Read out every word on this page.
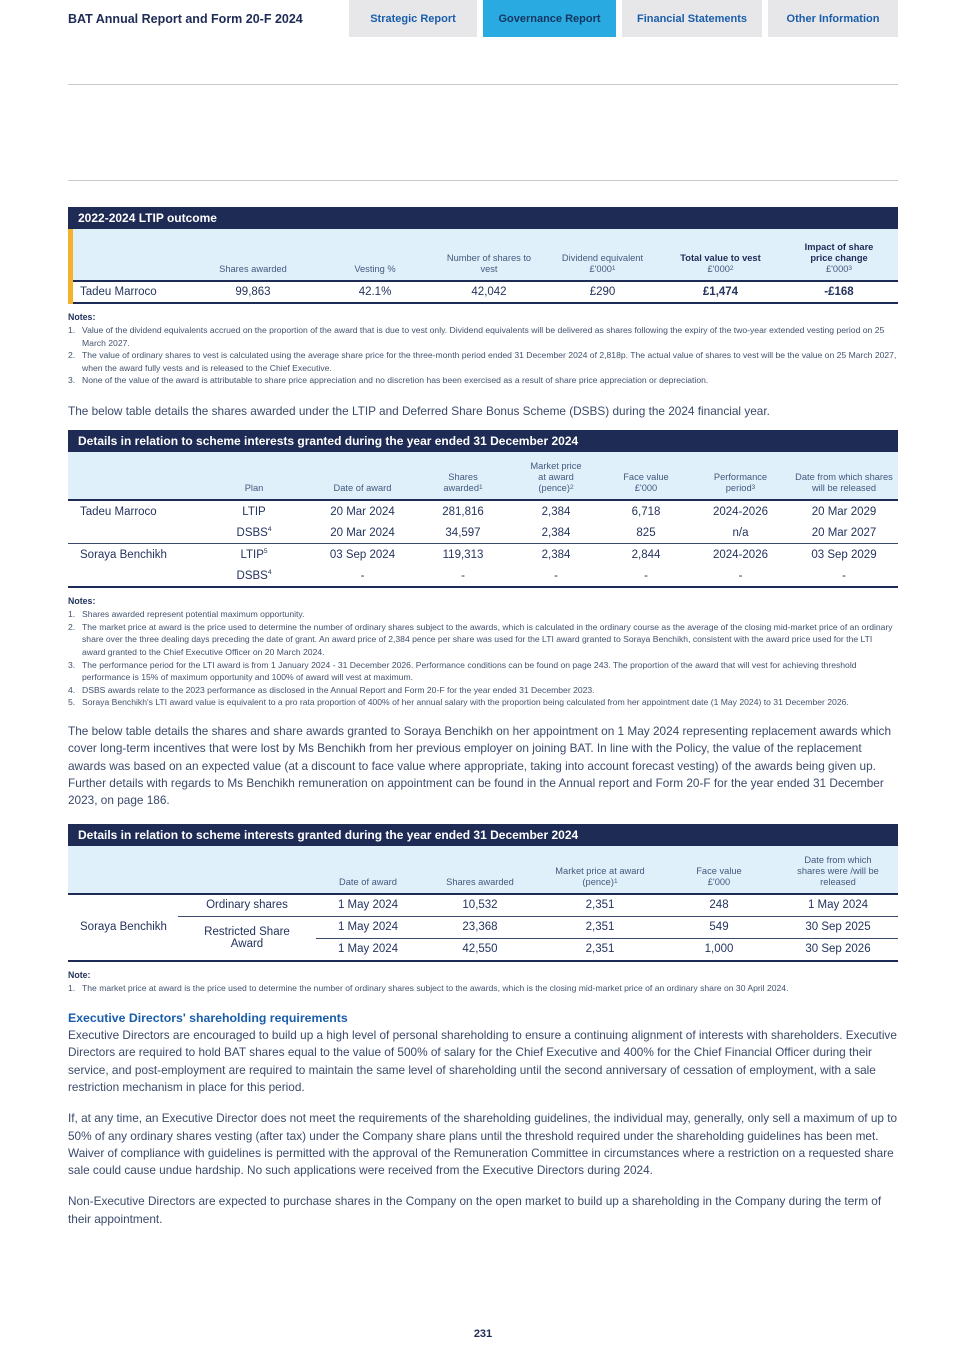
BAT Annual Report and Form 20-F 2024	Strategic Report	Governance Report	Financial Statements	Other Information
2022-2024 LTIP outcome
	Shares awarded	Vesting %	Number of shares to vest	Dividend equivalent
$£'000^1$	Total value to vest
$£'000^2$	Impact of share price change
$£'000^3$

Tadeu Marroco	99,863	42.1%	42,042	£290	£1,474	-£168
Notes:
1. Value of the dividend equivalents accrued on the proportion of the award that is due to vest only. Dividend equivalents will be delivered as shares following the expiry of the two-year extended vesting period on 25 March 2027.
2. The value of ordinary shares to vest is calculated using the average share price for the three-month period ended 31 December 2024 of 2,818p. The actual value of shares to vest will be the value on 25 March 2027, when the award fully vests and is released to the Chief Executive.
3. None of the value of the award is attributable to share price appreciation and no discretion has been exercised as a result of share price appreciation or depreciation.

The below table details the shares awarded under the LTIP and Deferred Share Bonus Scheme (DSBS) during the 2024 financial year.

Details in relation to scheme interests granted during the year ended 31 December 2024
	Plan	Date of award	Shares awarded$^1$	Market price at award (pence)$^2$	Face value
£'000	Performance period$^3$	Date from which shares will be released

Tadeu Marroco	LTIP	20 Mar 2024	281,816	2,384	6,718	2024-2026	20 Mar 2029
	DSBS$^4$	20 Mar 2024	34,597	2,384	825	n/a	20 Mar 2027
Soraya Benchikh	LTIP$^5$	03 Sep 2024	119,313	2,384	2,844	2024-2026	03 Sep 2029
	DSBS$^4$	-	-	-	-	-	-
Notes:
1. Shares awarded represent potential maximum opportunity.
2. The market price at award is the price used to determine the number of ordinary shares subject to the awards, which is calculated in the ordinary course as the average of the closing mid-market price of an ordinary share over the three dealing days preceding the date of grant. An award price of 2,384 pence per share was used for the LTI award granted to Soraya Benchikh, consistent with the award price used for the LTI award granted to the Chief Executive Officer on 20 March 2024.
3. The performance period for the LTI award is from 1 January 2024 - 31 December 2026. Performance conditions can be found on page 243. The proportion of the award that will vest for achieving threshold performance is 15% of maximum opportunity and 100% of award will vest at maximum.
4. DSBS awards relate to the 2023 performance as disclosed in the Annual Report and Form 20-F for the year ended 31 December 2023.
5. Soraya Benchikh's LTI award value is equivalent to a pro rata proportion of 400% of her annual salary with the proportion being calculated from her appointment date (1 May 2024) to 31 December 2026.

The below table details the shares and share awards granted to Soraya Benchikh on her appointment on 1 May 2024 representing replacement awards which cover long-term incentives that were lost by Ms Benchikh from her previous employer on joining BAT. In line with the Policy, the value of the replacement awards was based on an expected value (at a discount to face value where appropriate, taking into account forecast vesting) of the awards being given up. Further details with regards to Ms Benchikh remuneration on appointment can be found in the Annual report and Form 20-F for the year ended 31 December 2023, on page 186.

Details in relation to scheme interests granted during the year ended 31 December 2024
		Date of award	Shares awarded	Market price at award (pence)$^1$	Face value
£'000	Date from which shares were /will be released

Soraya Benchikh	Ordinary shares	1 May 2024	10,532	2,351	248	1 May 2024
	Restricted Share Award	1 May 2024	23,368	2,351	549	30 Sep 2025
		1 May 2024	42,550	2,351	1,000	30 Sep 2026
Note:
1. The market price at award is the price used to determine the number of ordinary shares subject to the awards, which is the closing mid-market price of an ordinary share on 30 April 2024.
Executive Directors' shareholding requirements

Executive Directors are encouraged to build up a high level of personal shareholding to ensure a continuing alignment of interests with shareholders. Executive Directors are required to hold BAT shares equal to the value of 500% of salary for the Chief Executive and 400% for the Chief Financial Officer during their service, and post-employment are required to maintain the same level of shareholding until the second anniversary of cessation of employment, with a sale restriction mechanism in place for this period.

If, at any time, an Executive Director does not meet the requirements of the shareholding guidelines, the individual may, generally, only sell a maximum of up to 50% of any ordinary shares vesting (after tax) under the Company share plans until the threshold required under the shareholding guidelines has been met. Waiver of compliance with guidelines is permitted with the approval of the Remuneration Committee in circumstances where a restriction on a requested share sale could cause undue hardship. No such applications were received from the Executive Directors during 2024.

Non-Executive Directors are expected to purchase shares in the Company on the open market to build up a shareholding in the Company during the term of their appointment.

231
